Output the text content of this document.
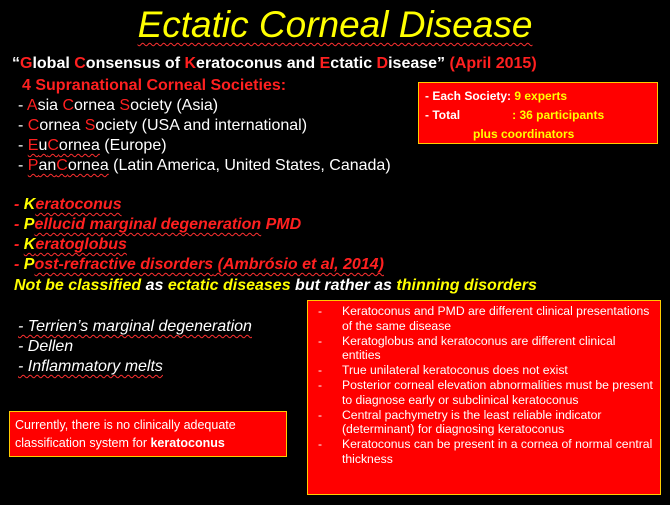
Ectatic Corneal Disease
“Global Consensus of Keratoconus and Ectatic Disease” (April 2015)
4 Supranational Corneal Societies:
- Asia Cornea Society (Asia)
- Cornea Society (USA and international)
- EuCornea (Europe)
- PanCornea (Latin America, United States, Canada)
- Each Society: 9 experts
- Total	: 36 participants
plus coordinators
- Keratoconus
- Pellucid marginal degeneration PMD
- Keratoglobus
- Post-refractive disorders (Ambrósio et al, 2014)
Not be classified as ectatic diseases but rather as thinning disorders
- Terrien’s marginal degeneration
- Dellen
- Inflammatory melts
- Keratoconus and PMD are different clinical presentations of the same disease
- Keratoglobus and keratoconus are different clinical entities
- True unilateral keratoconus does not exist
- Posterior corneal elevation abnormalities must be present to diagnose early or subclinical keratoconus
- Central pachymetry is the least reliable indicator (determinant) for diagnosing keratoconus
- Keratoconus can be present in a cornea of normal central thickness
Currently, there is no clinically adequate classification system for keratoconus
